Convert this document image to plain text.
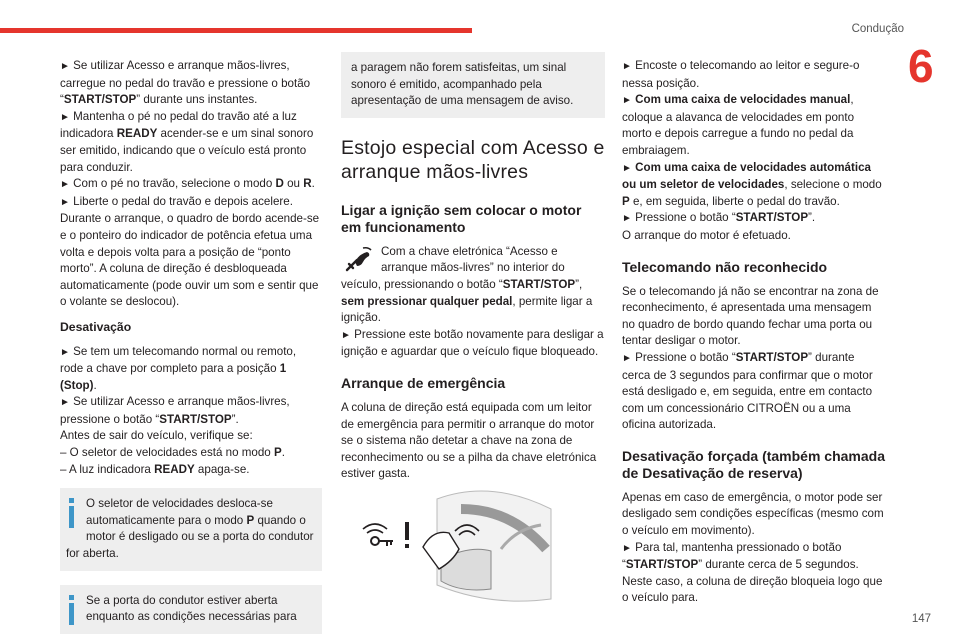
Condução
6
147

► Se utilizar Acesso e arranque mãos-livres, carregue no pedal do travão e pressione o botão “START/STOP” durante uns instantes.

► Mantenha o pé no pedal do travão até a luz indicadora READY acender-se e um sinal sonoro ser emitido, indicando que o veículo está pronto para conduzir.

► Com o pé no travão, selecione o modo D ou R.

► Liberte o pedal do travão e depois acelere.

Durante o arranque, o quadro de bordo acende-se e o ponteiro do indicador de potência efetua uma volta e depois volta para a posição de “ponto morto”. A coluna de direção é desbloqueada automaticamente (pode ouvir um som e sentir que o volante se deslocou).

Desativação

► Se tem um telecomando normal ou remoto, rode a chave por completo para a posição 1 (Stop).

► Se utilizar Acesso e arranque mãos-livres, pressione o botão “START/STOP”.

Antes de sair do veículo, verifique se:

– O seletor de velocidades está no modo P.

– A luz indicadora READY apaga-se.

O seletor de velocidades desloca-se automaticamente para o modo P quando o motor é desligado ou se a porta do condutor for aberta.
Se a porta do condutor estiver aberta enquanto as condições necessárias para
a paragem não forem satisfeitas, um sinal sonoro é emitido, acompanhado pela apresentação de uma mensagem de aviso.

Estojo especial com Acesso e arranque mãos-livres

Ligar a ignição sem colocar o motor em funcionamento

Com a chave eletrónica “Acesso e arranque mãos-livres” no interior do veículo, pressionando o botão “START/STOP”, sem pressionar qualquer pedal, permite ligar a ignição.

► Pressione este botão novamente para desligar a ignição e aguardar que o veículo fique bloqueado.

Arranque de emergência

A coluna de direção está equipada com um leitor de emergência para permitir o arranque do motor se o sistema não detetar a chave na zona de reconhecimento ou se a pilha da chave eletrónica estiver gasta.

► Encoste o telecomando ao leitor e segure-o nessa posição.

► Com uma caixa de velocidades manual, coloque a alavanca de velocidades em ponto morto e depois carregue a fundo no pedal da embraiagem.

► Com uma caixa de velocidades automática ou um seletor de velocidades, selecione o modo P e, em seguida, liberte o pedal do travão.

► Pressione o botão “START/STOP”.

O arranque do motor é efetuado.

Telecomando não reconhecido

Se o telecomando já não se encontrar na zona de reconhecimento, é apresentada uma mensagem no quadro de bordo quando fechar uma porta ou tentar desligar o motor.

► Pressione o botão “START/STOP” durante cerca de 3 segundos para confirmar que o motor está desligado e, em seguida, entre em contacto com um concessionário CITROËN ou a uma oficina autorizada.

Desativação forçada (também chamada de Desativação de reserva)

Apenas em caso de emergência, o motor pode ser desligado sem condições específicas (mesmo com o veículo em movimento).

► Para tal, mantenha pressionado o botão “START/STOP” durante cerca de 5 segundos.

Neste caso, a coluna de direção bloqueia logo que o veículo para.
